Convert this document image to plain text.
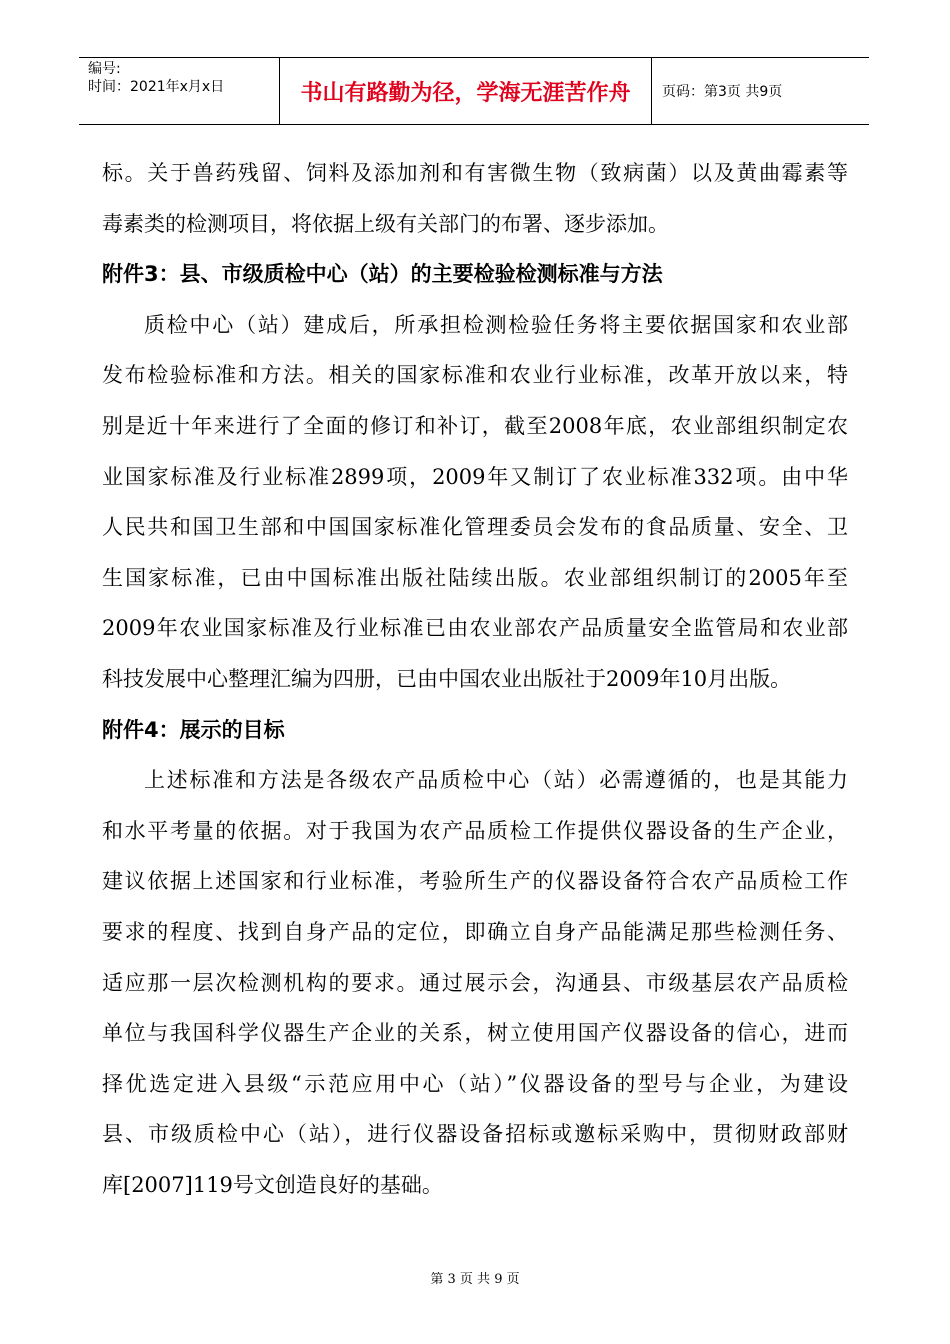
编号:
时间：2021年x月x日	书山有路勤为径，学海无涯苦作舟	页码：第3页 共9页
标。关于兽药残留、饲料及添加剂和有害微生物（致病菌）以及黄曲霉素等
毒素类的检测项目，将依据上级有关部门的布署、逐步添加。
附件3：县、市级质检中心（站）的主要检验检测标准与方法
质检中心（站）建成后，所承担检测检验任务将主要依据国家和农业部
发布检验标准和方法。相关的国家标准和农业行业标准，改革开放以来，特
别是近十年来进行了全面的修订和补订，截至2008年底，农业部组织制定农
业国家标准及行业标准2899项，2009年又制订了农业标准332项。由中华
人民共和国卫生部和中国国家标准化管理委员会发布的食品质量、安全、卫
生国家标准，已由中国标准出版社陆续出版。农业部组织制订的2005年至
2009年农业国家标准及行业标准已由农业部农产品质量安全监管局和农业部
科技发展中心整理汇编为四册，已由中国农业出版社于2009年10月出版。
附件4：展示的目标
上述标准和方法是各级农产品质检中心（站）必需遵循的，也是其能力
和水平考量的依据。对于我国为农产品质检工作提供仪器设备的生产企业，
建议依据上述国家和行业标准，考验所生产的仪器设备符合农产品质检工作
要求的程度、找到自身产品的定位，即确立自身产品能满足那些检测任务、
适应那一层次检测机构的要求。通过展示会，沟通县、市级基层农产品质检
单位与我国科学仪器生产企业的关系，树立使用国产仪器设备的信心，进而
择优选定进入县级“示范应用中心（站）”仪器设备的型号与企业，为建设
县、市级质检中心（站），进行仪器设备招标或邀标采购中，贯彻财政部财
库[2007]119号文创造良好的基础。
第 3 页 共 9 页
